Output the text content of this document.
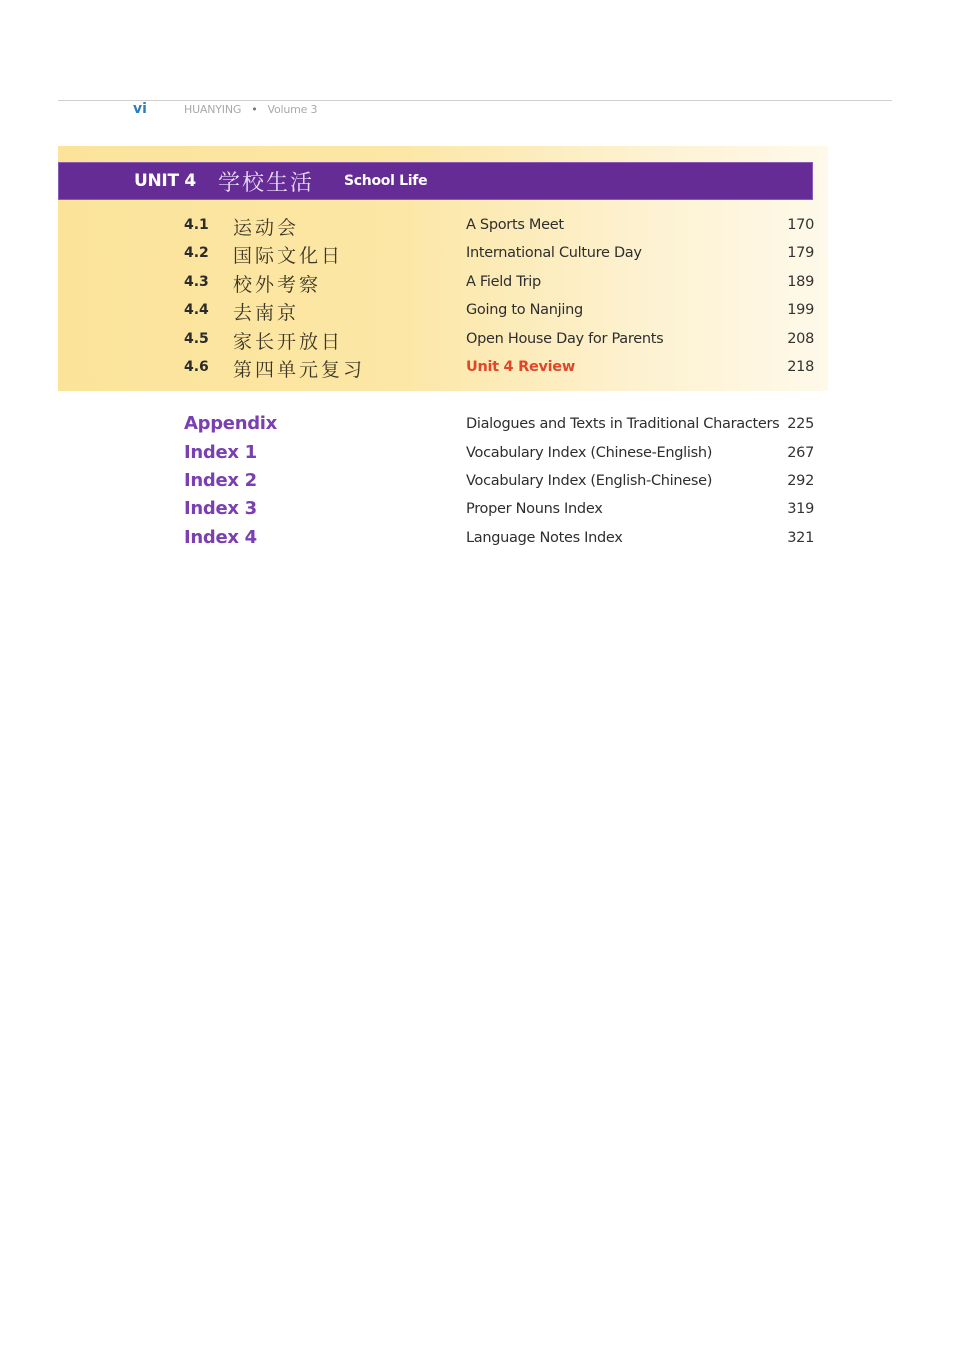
vi	HUANYING • Volume 3
UNIT 4 学校生活 School Life
4.1 运动会	A Sports Meet	170
4.2 国际文化日	International Culture Day	179
4.3 校外考察	A Field Trip	189
4.4 去南京	Going to Nanjing	199
4.5 家长开放日	Open House Day for Parents	208
4.6 第四单元复习	Unit 4 Review	218
Appendix	Dialogues and Texts in Traditional Characters 225
Index 1	Vocabulary Index (Chinese-English)	267
Index 2	Vocabulary Index (English-Chinese)	292
Index 3	Proper Nouns Index	319
Index 4	Language Notes Index	321
